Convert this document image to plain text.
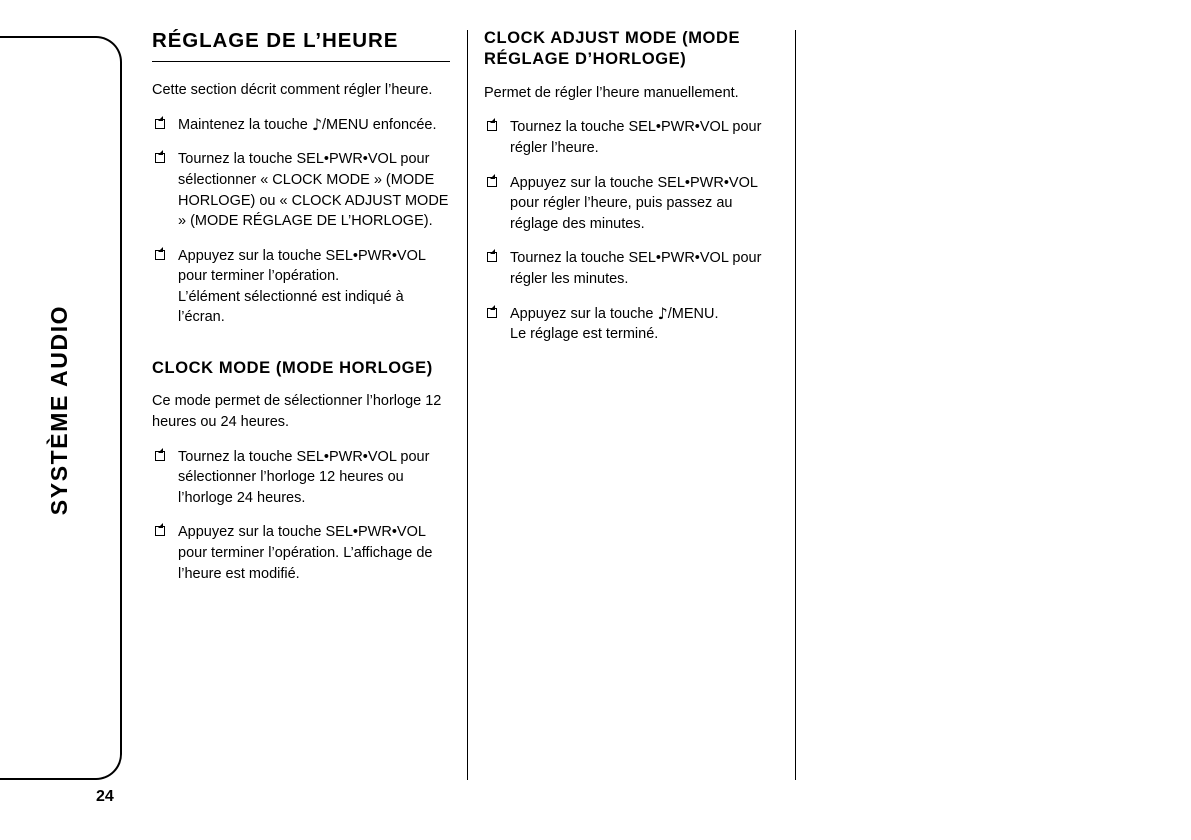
SYSTÈME AUDIO
24
RÉGLAGE DE L’HEURE

Cette section décrit comment régler l’heure.

Maintenez la touche ♪/MENU enfoncée.
Tournez la touche SEL•PWR•VOL pour sélectionner « CLOCK MODE » (MODE HORLOGE) ou « CLOCK ADJUST MODE » (MODE RÉGLAGE DE L’HORLOGE).
Appuyez sur la touche SEL•PWR•VOL pour terminer l’opération.
L’élément sélectionné est indiqué à l’écran.
CLOCK MODE (MODE HORLOGE)

Ce mode permet de sélectionner l’horloge 12 heures ou 24 heures.

Tournez la touche SEL•PWR•VOL pour sélectionner l’horloge 12 heures ou l’horloge 24 heures.
Appuyez sur la touche SEL•PWR•VOL pour terminer l’opération. L’affichage de l’heure est modifié.
CLOCK ADJUST MODE (MODE RÉGLAGE D’HORLOGE)

Permet de régler l’heure manuellement.

Tournez la touche SEL•PWR•VOL pour régler l’heure.
Appuyez sur la touche SEL•PWR•VOL pour régler l’heure, puis passez au réglage des minutes.
Tournez la touche SEL•PWR•VOL pour régler les minutes.
Appuyez sur la touche ♪/MENU.
Le réglage est terminé.
